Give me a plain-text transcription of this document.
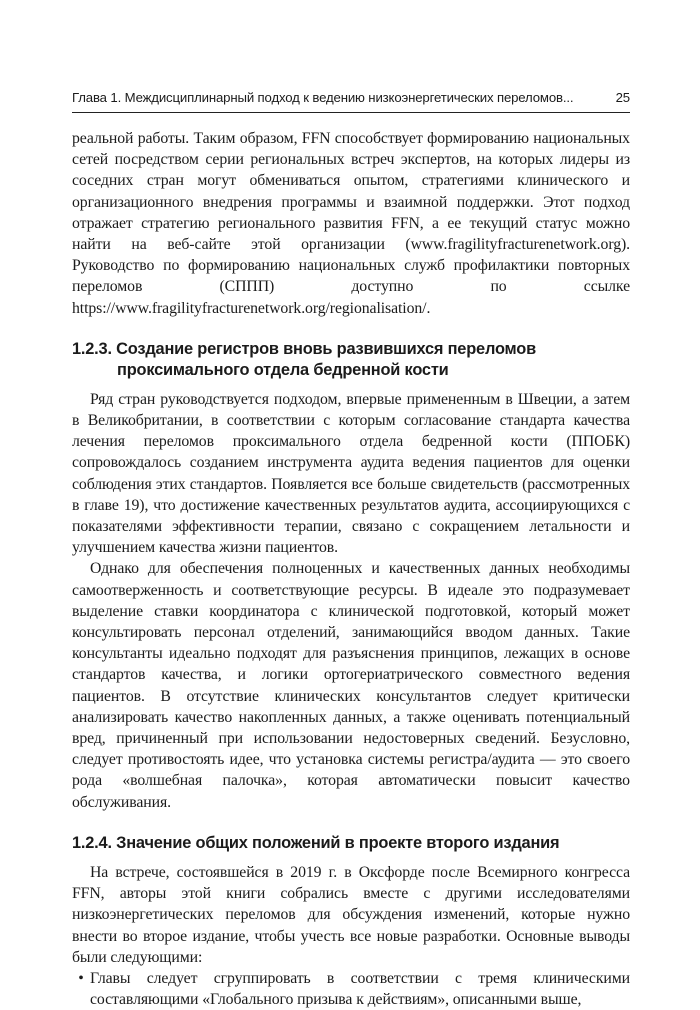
Глава 1. Междисциплинарный подход к ведению низкоэнергетических переломов...	25

реальной работы. Таким образом, FFN способствует формированию национальных сетей посредством серии региональных встреч экспертов, на которых лидеры из соседних стран могут обмениваться опытом, стратегиями клинического и организационного внедрения программы и взаимной поддержки. Этот подход отражает стратегию регионального развития FFN, а ее текущий статус можно найти на веб-сайте этой организации (www.fragilityfracturenetwork.org). Руководство по формированию национальных служб профилактики повторных переломов (СППП) доступно по ссылке https://www.fragilityfracturenetwork.org/regionalisation/.

1.2.3. Создание регистров вновь развившихся переломов проксимального отдела бедренной кости

Ряд стран руководствуется подходом, впервые примененным в Швеции, а затем в Великобритании, в соответствии с которым согласование стандарта качества лечения переломов проксимального отдела бедренной кости (ППОБК) сопровождалось созданием инструмента аудита ведения пациентов для оценки соблюдения этих стандартов. Появляется все больше свидетельств (рассмотренных в главе 19), что достижение качественных результатов аудита, ассоциирующихся с показателями эффективности терапии, связано с сокращением летальности и улучшением качества жизни пациентов.

Однако для обеспечения полноценных и качественных данных необходимы самоотверженность и соответствующие ресурсы. В идеале это подразумевает выделение ставки координатора с клинической подготовкой, который может консультировать персонал отделений, занимающийся вводом данных. Такие консультанты идеально подходят для разъяснения принципов, лежащих в основе стандартов качества, и логики ортогериатрического совместного ведения пациентов. В отсутствие клинических консультантов следует критически анализировать качество накопленных данных, а также оценивать потенциальный вред, причиненный при использовании недостоверных сведений. Безусловно, следует противостоять идее, что установка системы регистра/аудита — это своего рода «волшебная палочка», которая автоматически повысит качество обслуживания.

1.2.4. Значение общих положений в проекте второго издания

На встрече, состоявшейся в 2019 г. в Оксфорде после Всемирного конгресса FFN, авторы этой книги собрались вместе с другими исследователями низкоэнергетических переломов для обсуждения изменений, которые нужно внести во второе издание, чтобы учесть все новые разработки. Основные выводы были следующими:

• Главы следует сгруппировать в соответствии с тремя клиническими составляющими «Глобального призыва к действиям», описанными выше,
